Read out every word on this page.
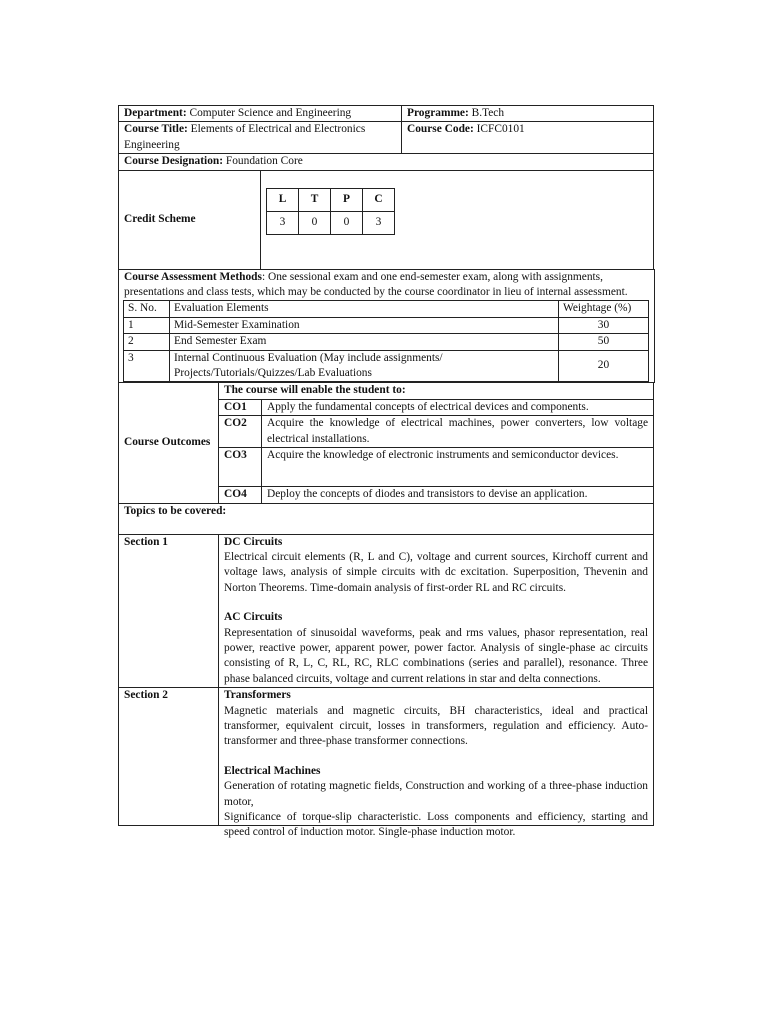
Department: Computer Science and Engineering	Programme: B.Tech
Course Title: Elements of Electrical and Electronics Engineering	Course Code: ICFC0101
Course Designation: Foundation Core
Credit Scheme	
L	T	P	C
3	0	0	3
Course Assessment Methods: One sessional exam and one end-semester exam, along with assignments, presentations and class tests, which may be conducted by the course coordinator in lieu of internal assessment.
S. No.	Evaluation Elements	Weightage (%)
1	Mid-Semester Examination	30
2	End Semester Exam	50
3	Internal Continuous Evaluation (May include assignments/ Projects/Tutorials/Quizzes/Lab Evaluations	20
Course Outcomes	The course will enable the student to:	
	CO1	Apply the fundamental concepts of electrical devices and components.
	CO2	Acquire the knowledge of electrical machines, power converters, low voltage electrical installations.
	CO3	Acquire the knowledge of electronic instruments and semiconductor devices.
	CO4	Deploy the concepts of diodes and transistors to devise an application.
Topics to be covered:	
Section 1	DC Circuits
Electrical circuit elements (R, L and C), voltage and current sources, Kirchoff current and voltage laws, analysis of simple circuits with dc excitation. Superposition, Thevenin and Norton Theorems. Time-domain analysis of first-order RL and RC circuits.
AC Circuits
Representation of sinusoidal waveforms, peak and rms values, phasor representation, real power, reactive power, apparent power, power factor. Analysis of single-phase ac circuits consisting of R, L, C, RL, RC, RLC combinations (series and parallel), resonance. Three phase balanced circuits, voltage and current relations in star and delta connections.

Section 2	Transformers
Magnetic materials and magnetic circuits, BH characteristics, ideal and practical transformer, equivalent circuit, losses in transformers, regulation and efficiency. Auto-transformer and three-phase transformer connections.
Electrical Machines
Generation of rotating magnetic fields, Construction and working of a three-phase induction motor,
Significance of torque-slip characteristic. Loss components and efficiency, starting and speed control of induction motor. Single-phase induction motor.
